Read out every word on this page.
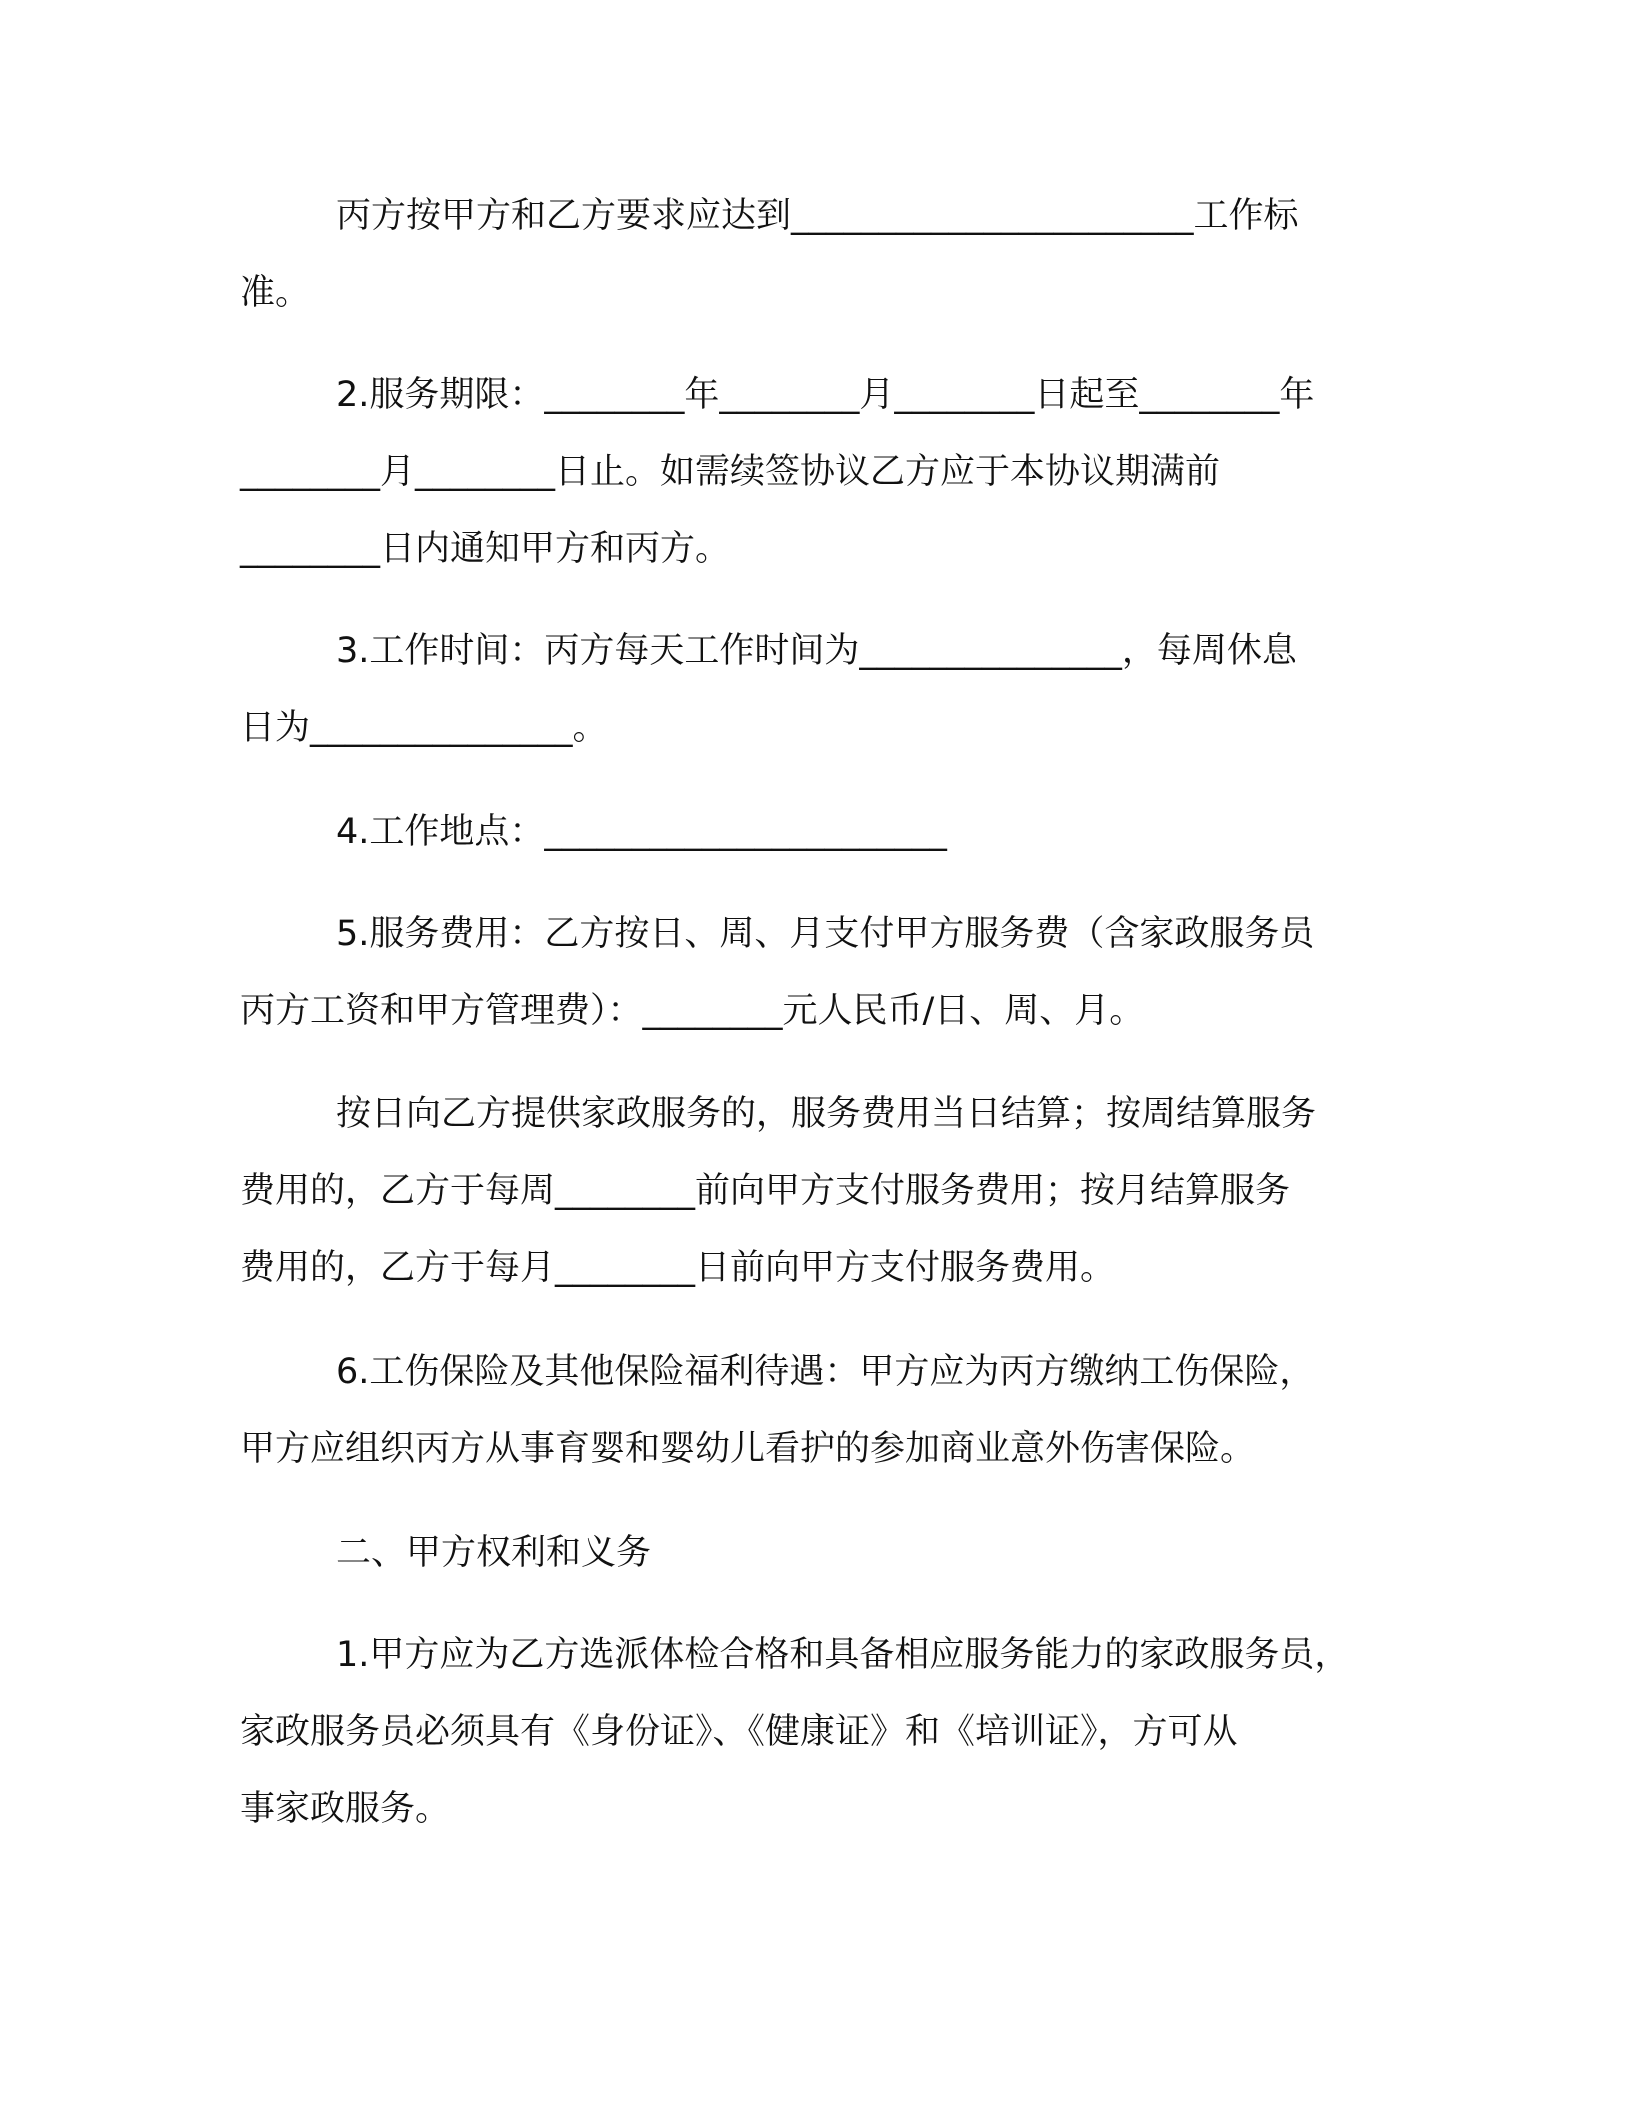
丙方按甲方和乙方要求应达到_______________________工作标
准。
2.服务期限：________年________月________日起至________年
________月________日止。如需续签协议乙方应于本协议期满前
________日内通知甲方和丙方。
3.工作时间：丙方每天工作时间为_______________，每周休息
日为_______________。
4.工作地点：_______________________
5.服务费用：乙方按日、周、月支付甲方服务费（含家政服务员
丙方工资和甲方管理费）：________元人民币/日、周、月。
按日向乙方提供家政服务的，服务费用当日结算；按周结算服务
费用的，乙方于每周________前向甲方支付服务费用；按月结算服务
费用的，乙方于每月________日前向甲方支付服务费用。
6.工伤保险及其他保险福利待遇：甲方应为丙方缴纳工伤保险，
甲方应组织丙方从事育婴和婴幼儿看护的参加商业意外伤害保险。
二、甲方权利和义务
1.甲方应为乙方选派体检合格和具备相应服务能力的家政服务员，
家政服务员必须具有《身份证》、《健康证》和《培训证》，方可从
事家政服务。
